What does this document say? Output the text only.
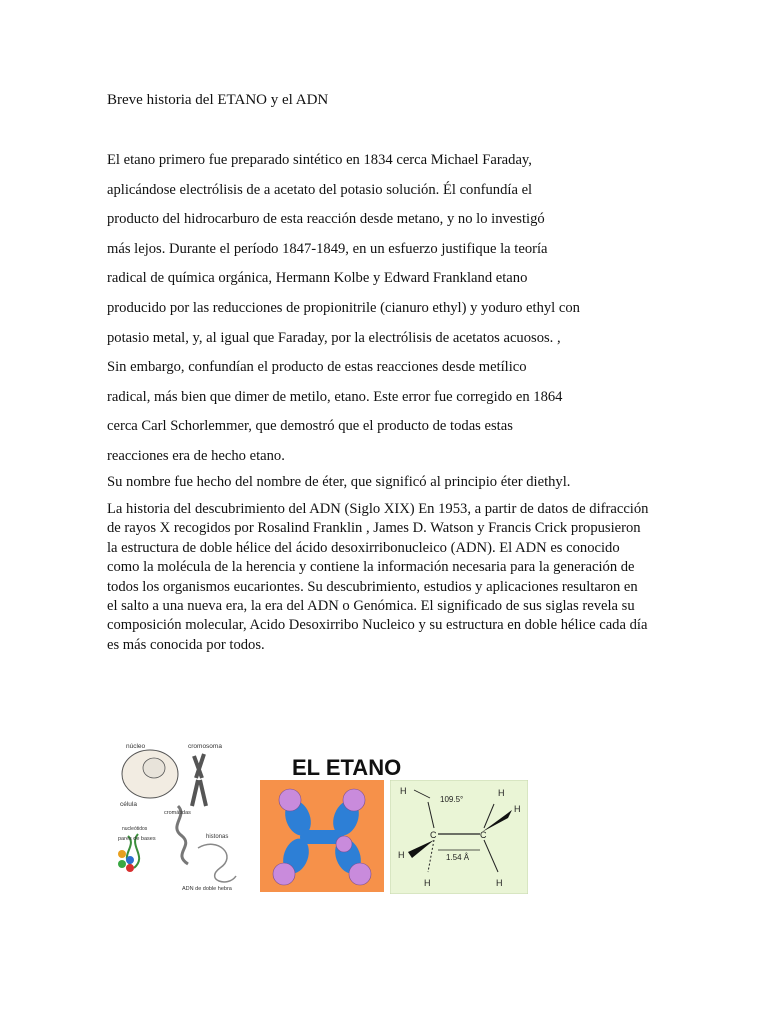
Breve historia del ETANO y el ADN
El etano primero fue preparado sintético en 1834 cerca Michael Faraday,
aplicándose electrólisis de a acetato del potasio solución. Él confundía el
producto del hidrocarburo de esta reacción desde metano, y no lo investigó
más lejos. Durante el período 1847-1849, en un esfuerzo justifique la teoría
radical de química orgánica, Hermann Kolbe y Edward Frankland etano
producido por las reducciones de propionitrile (cianuro ethyl) y yoduro ethyl con
potasio metal, y, al igual que Faraday, por la electrólisis de acetatos acuosos. ,
Sin embargo, confundían el producto de estas reacciones desde metílico
radical, más bien que dimer de metilo, etano. Este error fue corregido en 1864
cerca Carl Schorlemmer, que demostró que el producto de todas estas
reacciones era de hecho etano.
Su nombre fue hecho del nombre de éter, que significó al principio éter diethyl.
La historia del descubrimiento del ADN (Siglo XIX) En 1953, a partir de datos de difracción
de rayos X recogidos por Rosalind Franklin , James D. Watson y Francis Crick propusieron
la estructura de doble hélice del ácido desoxirribonucleico (ADN). El ADN es conocido
como la molécula de la herencia y contiene la información necesaria para la generación de
todos los organismos eucariontes. Su descubrimiento, estudios y aplicaciones resultaron en
el salto a una nueva era, la era del ADN o Genómica. El significado de sus siglas revela su
composición molecular, Acido Desoxirribo Nucleico y su estructura en doble hélice cada día
es más conocida por todos.
núcleo	cromosoma
célula
cromátidas
nucleótidos
pares de bases	histonas
ADN de doble hebra
EL ETANO
H	H
H
H
H	H
C	C
109.5°
1.54 Å
